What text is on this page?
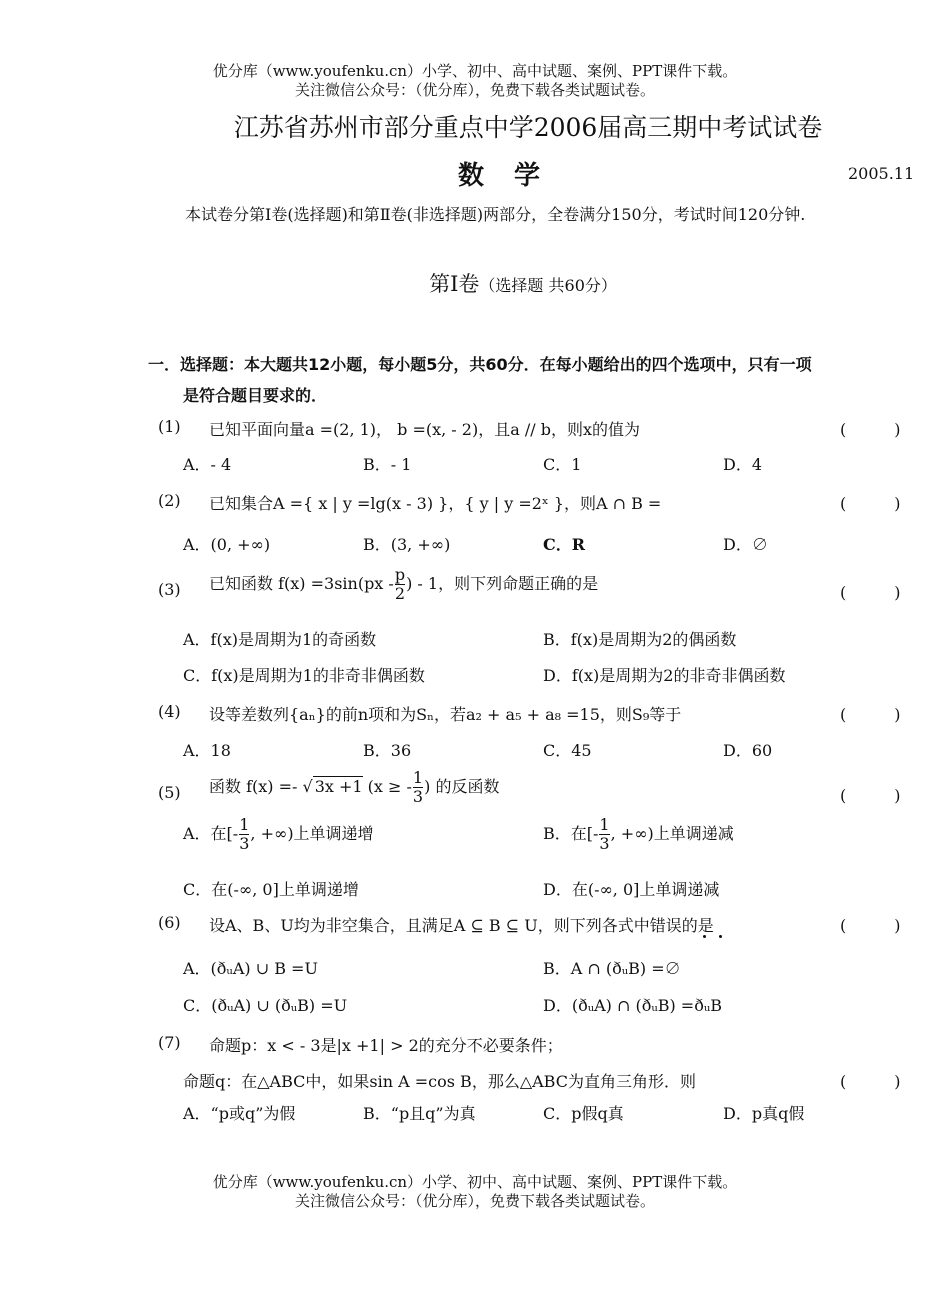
优分库（www.youfenku.cn）小学、初中、高中试题、案例、PPT课件下载。
关注微信公众号：（优分库），免费下载各类试题试卷。
江苏省苏州市部分重点中学2006届高三期中考试试卷
数　学	2005.11
本试卷分第Ⅰ卷(选择题)和第Ⅱ卷(非选择题)两部分，全卷满分150分，考试时间120分钟.
第Ⅰ卷（选择题 共60分）
一．选择题：本大题共12小题，每小题5分，共60分．在每小题给出的四个选项中，只有一项
是符合题目要求的．
(1) 已知平面向量a =(2, 1)， b =(x, - 2)，且a // b，则x的值为	(　　　)
A．- 4	B．- 1	C．1	D．4
(2) 已知集合A ={ x | y =lg(x - 3) }，{ y | y =2ˣ }，则A ∩ B =	(　　　)
A．(0, +∞)	B．(3, +∞)	C．R	D．∅
(3) 已知函数 $f(x) =3\sin(px - \frac{p}{2}$ ) - 1，则下列命题正确的是	(　　　)
A．f(x)是周期为1的奇函数	B．f(x)是周期为2的偶函数
C．f(x)是周期为1的非奇非偶函数	D．f(x)是周期为2的非奇非偶函数
(4) 设等差数列{aₙ}的前n项和为Sₙ，若a₂ + a₅ + a₈ =15，则S₉等于	(　　　)
A．18	B．36	C．45	D．60
(5) 函数 f(x) =- √ 3x +1 (x ≥ - $\frac{1}{3}$ ) 的反函数	(　　　)
A．在[- $\frac{1}{3}$ , +∞)上单调递增	B．在[- $\frac{1}{3}$ , +∞)上单调递减
C．在(-∞, 0]上单调递增	D．在(-∞, 0]上单调递减
(6) 设A、B、U均为非空集合，且满足A ⊆ B ⊆ U，则下列各式中错误的是	(　　　)
A．(ðᵤA) ∪ B =U	B．A ∩ (ðᵤB) =∅
C．(ðᵤA) ∪ (ðᵤB) =U	D．(ðᵤA) ∩ (ðᵤB) =ðᵤB
(7) 命题p：x < - 3是|x +1| > 2的充分不必要条件；
命题q：在△ABC中，如果sin A =cos B，那么△ABC为直角三角形．则	(　　　)
A．“p或q”为假	B．“p且q”为真	C．p假q真	D．p真q假
优分库（www.youfenku.cn）小学、初中、高中试题、案例、PPT课件下载。
关注微信公众号：（优分库），免费下载各类试题试卷。
